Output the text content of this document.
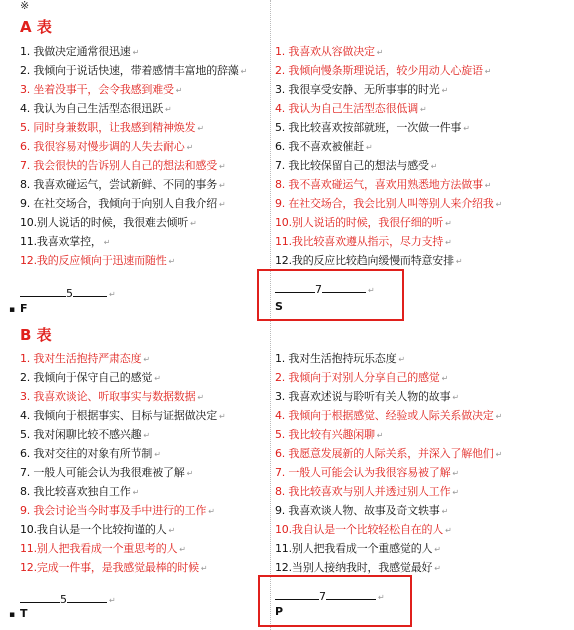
※
A 表
1. 我做决定通常很迅速 ↵
2. 我倾向于说话快速，带着感情丰富地的辞藻 ↵
3. 坐着没事干，会令我感到难受 ↵
4. 我认为自己生活型态很迅跃 ↵
5. 同时身兼数职，让我感到精神焕发 ↵
6. 我很容易对慢步调的人失去耐心 ↵
7. 我会很快的告诉别人自己的想法和感受 ↵
8. 我喜欢碰运气，尝试新鲜、不同的事务 ↵
9. 在社交场合，我倾向于向别人自我介绍 ↵
10.别人说话的时候，我很难去倾听 ↵
11.我喜欢掌控， ↵
12.我的反应倾向于迅速而随性 ↵
1. 我喜欢从容做决定 ↵
2. 我倾向慢条斯理说话，较少用动人心旋语 ↵
3. 我很享受安静、无所事事的时光 ↵
4. 我认为自己生活型态很低调 ↵
5. 我比较喜欢按部就班，一次做一件事 ↵
6. 我不喜欢被催赶 ↵
7. 我比较保留自己的想法与感受 ↵
8. 我不喜欢碰运气，喜欢用熟悉地方法做事 ↵
9. 在社交场合，我会比别人叫等别人来介绍我 ↵
10.别人说话的时候，我很仔细的听 ↵
11.我比较喜欢遵从指示，尽力支持 ↵
12.我的反应比较趋向缓慢而特意安排 ↵
5	↵
▪ F
7	↵
S
B 表
1. 我对生活抱持严肃态度 ↵
2. 我倾向于保守自己的感觉 ↵
3. 我喜欢谈论、听取事实与数据数据 ↵
4. 我倾向于根据事实、目标与证据做决定 ↵
5. 我对闲聊比较不感兴趣 ↵
6. 我对交往的对象有所节制 ↵
7. 一般人可能会认为我很难被了解 ↵
8. 我比较喜欢独自工作 ↵
9. 我会讨论当今时事及手中进行的工作 ↵
10.我自认是一个比较拘谨的人 ↵
11.别人把我看成一个重思考的人 ↵
12.完成一件事，是我感觉最棒的时候 ↵
1. 我对生活抱持玩乐态度 ↵
2. 我倾向于对别人分享自己的感觉 ↵
3. 我喜欢述说与聆听有关人物的故事 ↵
4. 我倾向于根据感觉、经验或人际关系做决定 ↵
5. 我比较有兴趣闲聊 ↵
6. 我愿意发展新的人际关系，并深入了解他们 ↵
7. 一般人可能会认为我很容易被了解 ↵
8. 我比较喜欢与别人并透过别人工作 ↵
9. 我喜欢谈人物、故事及奇文轶事 ↵
10.我自认是一个比较轻松自在的人 ↵
11.别人把我看成一个重感觉的人 ↵
12.当别人接纳我时，我感觉最好 ↵
5	↵
▪ T
7	↵
P
